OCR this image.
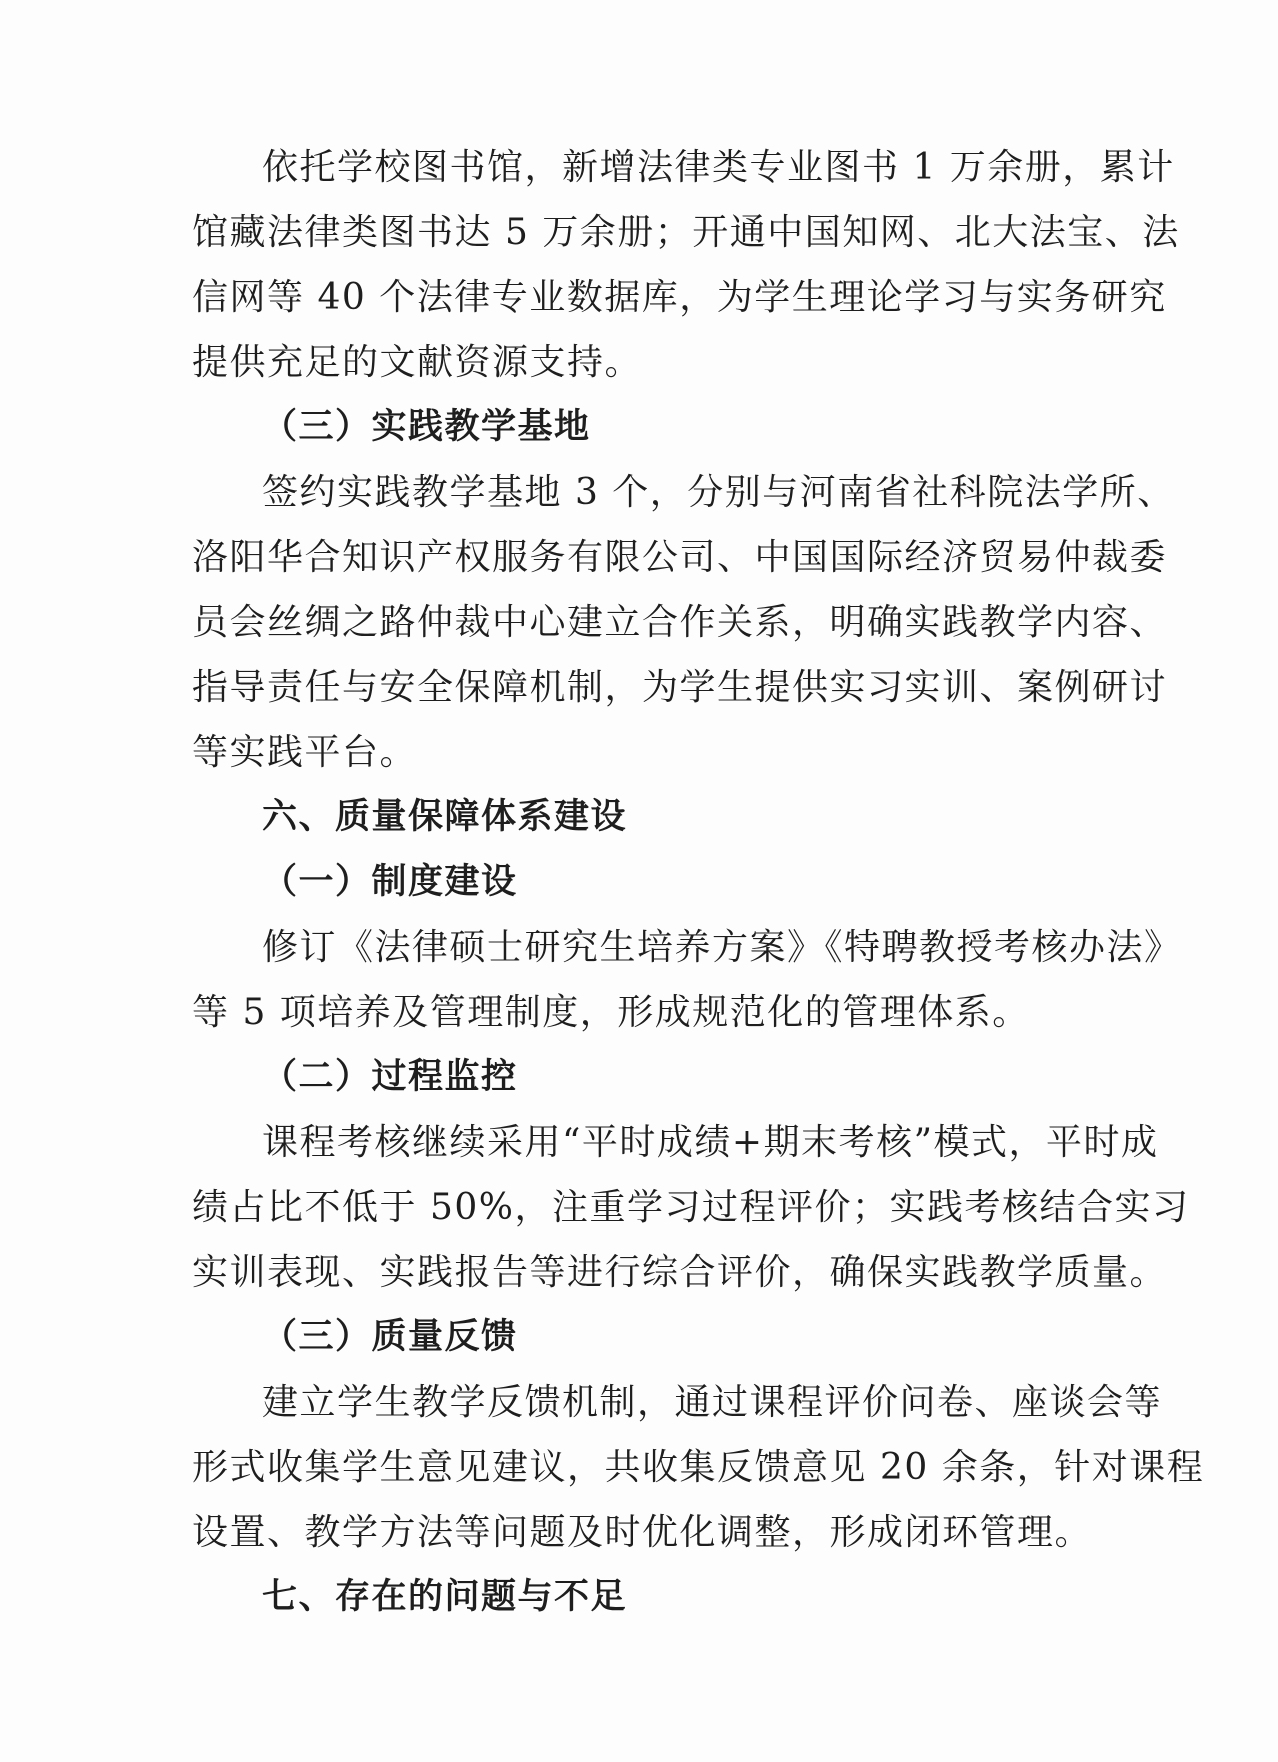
依托学校图书馆，新增法律类专业图书 1 万余册，累计
馆藏法律类图书达 5 万余册；开通中国知网、北大法宝、法
信网等 40 个法律专业数据库，为学生理论学习与实务研究
提供充足的文献资源支持。
（三）实践教学基地
签约实践教学基地 3 个，分别与河南省社科院法学所、
洛阳华合知识产权服务有限公司、中国国际经济贸易仲裁委
员会丝绸之路仲裁中心建立合作关系，明确实践教学内容、
指导责任与安全保障机制，为学生提供实习实训、案例研讨
等实践平台。
六、质量保障体系建设
（一）制度建设
修订《法律硕士研究生培养方案》《特聘教授考核办法》
等 5 项培养及管理制度，形成规范化的管理体系。
（二）过程监控
课程考核继续采用“平时成绩+期末考核”模式，平时成
绩占比不低于 50%，注重学习过程评价；实践考核结合实习
实训表现、实践报告等进行综合评价，确保实践教学质量。
（三）质量反馈
建立学生教学反馈机制，通过课程评价问卷、座谈会等
形式收集学生意见建议，共收集反馈意见 20 余条，针对课程
设置、教学方法等问题及时优化调整，形成闭环管理。
七、存在的问题与不足
